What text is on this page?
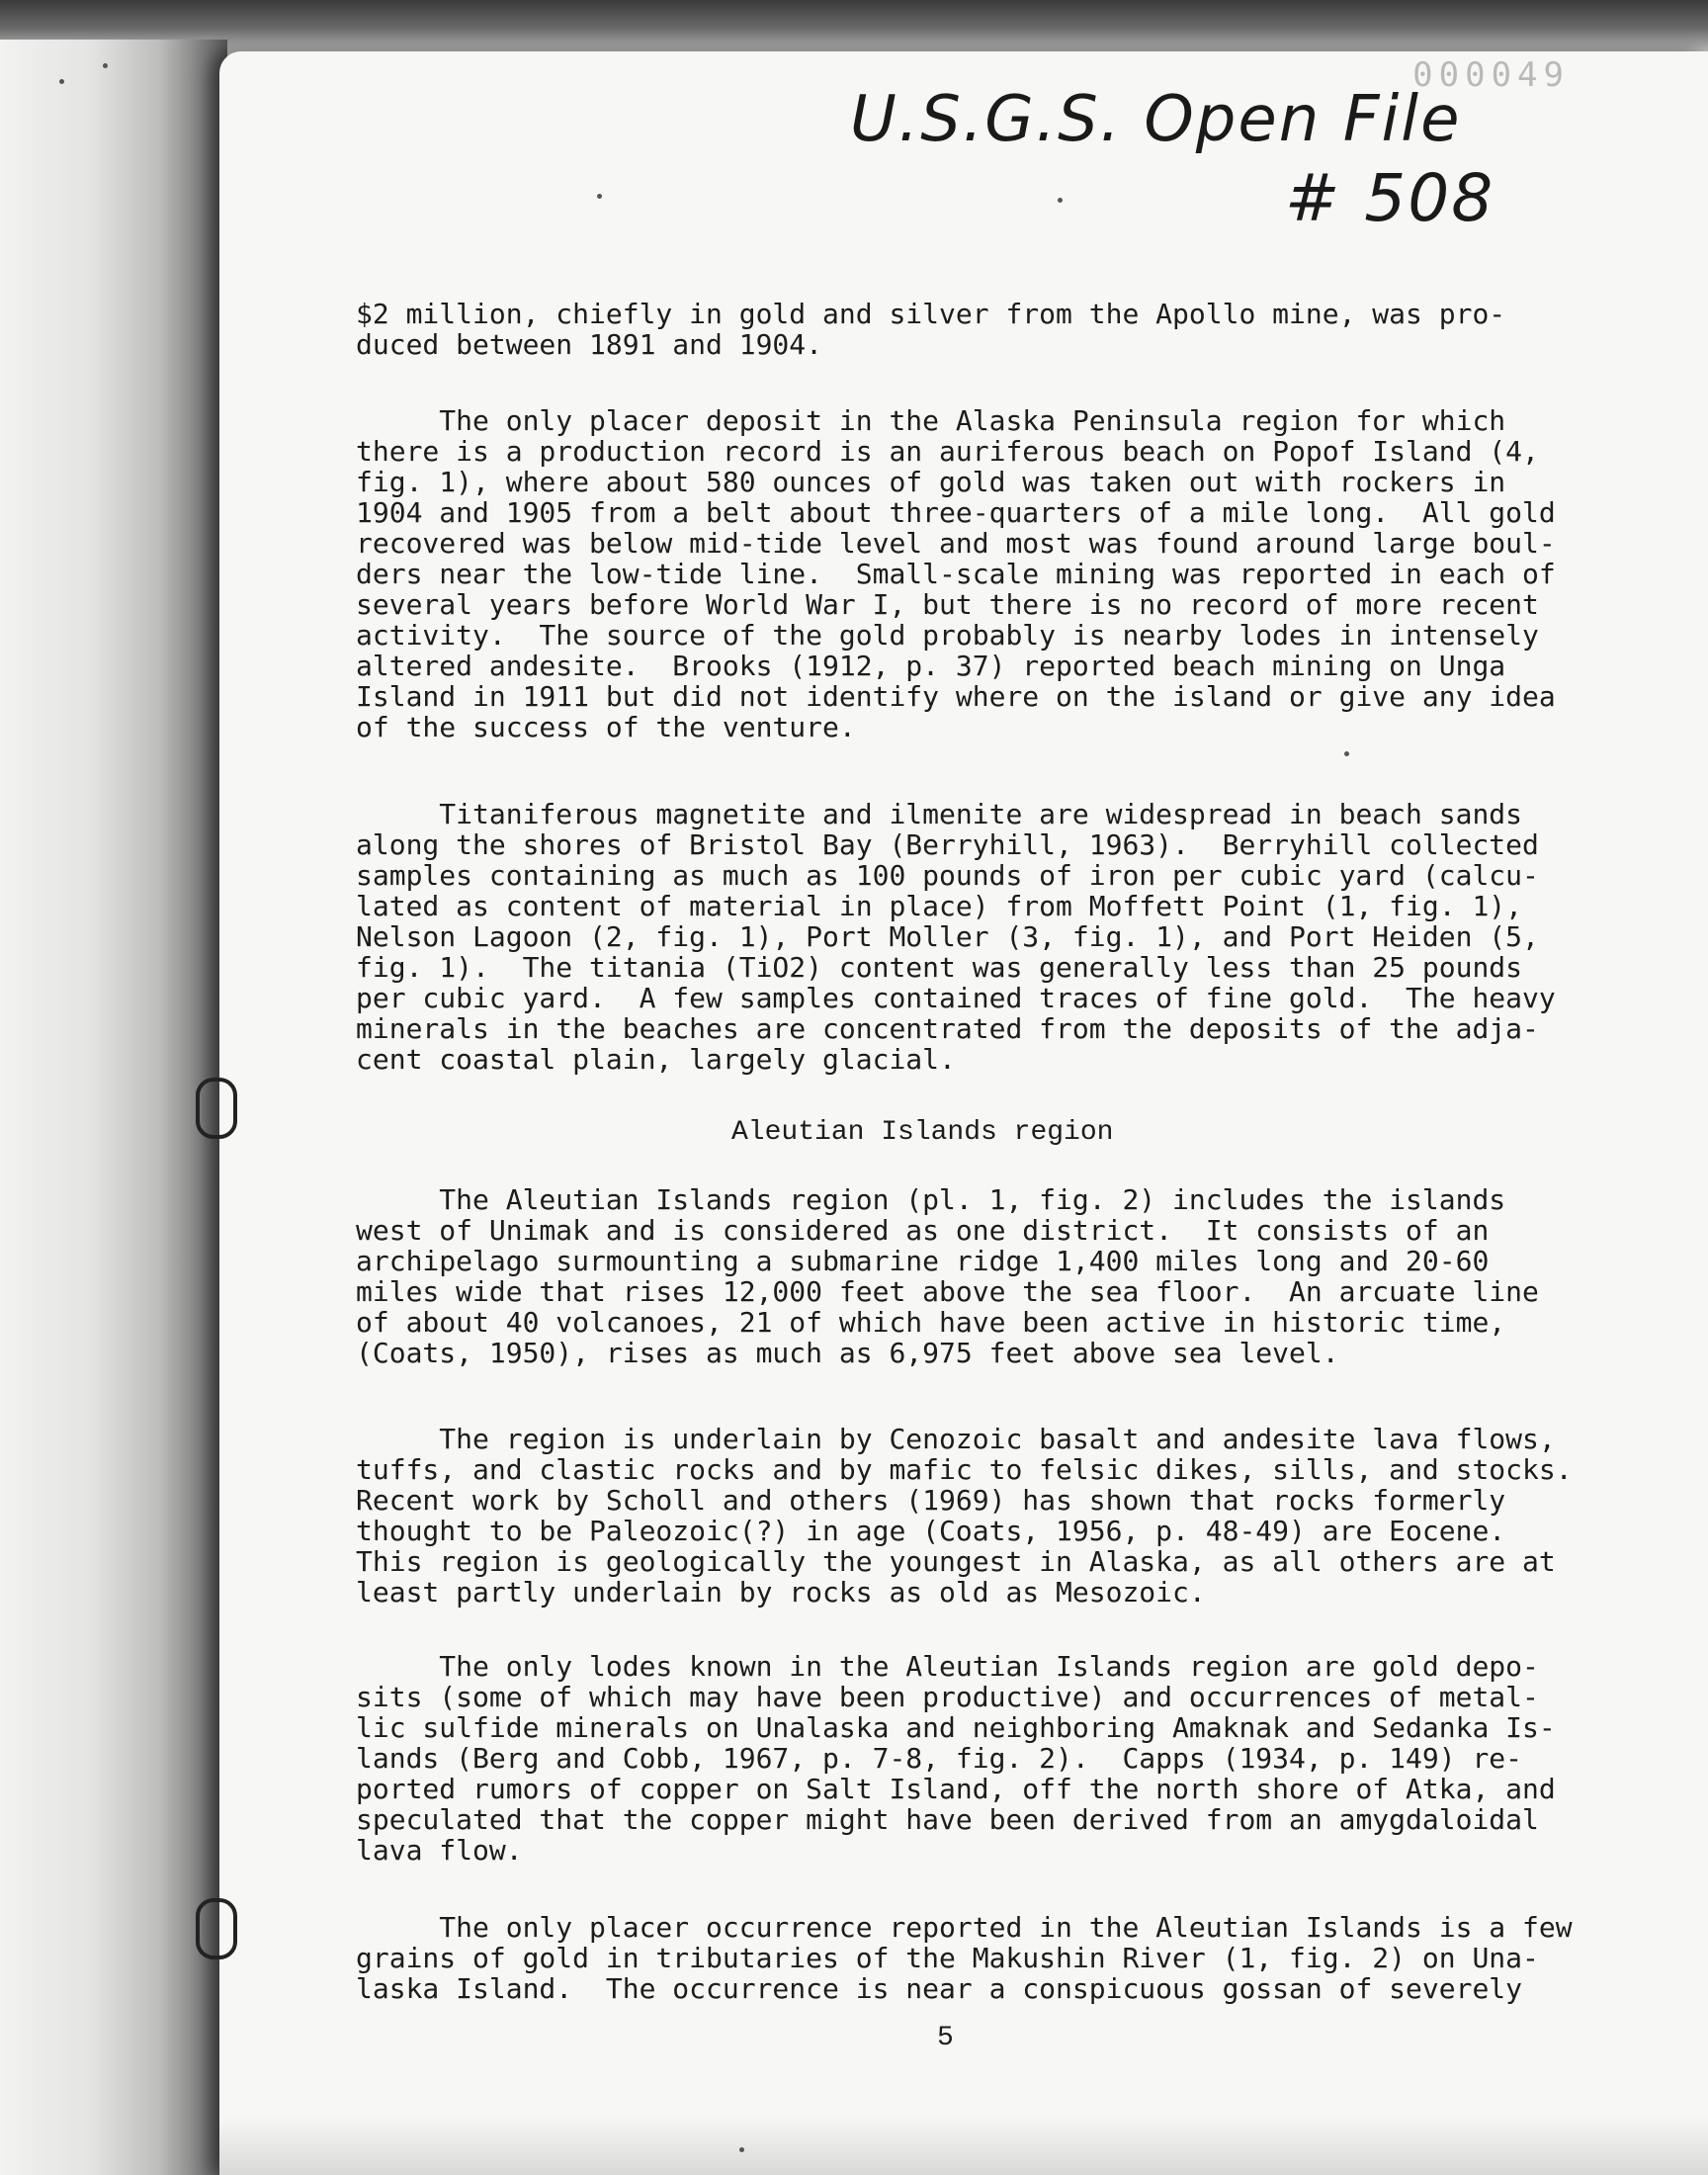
000049
U.S.G.S. Open File
# 508
$2 million, chiefly in gold and silver from the Apollo mine, was pro-
duced between 1891 and 1904.
The only placer deposit in the Alaska Peninsula region for which
there is a production record is an auriferous beach on Popof Island (4,
fig. 1), where about 580 ounces of gold was taken out with rockers in
1904 and 1905 from a belt about three-quarters of a mile long.  All gold
recovered was below mid-tide level and most was found around large boul-
ders near the low-tide line.  Small-scale mining was reported in each of
several years before World War I, but there is no record of more recent
activity.  The source of the gold probably is nearby lodes in intensely
altered andesite.  Brooks (1912, p. 37) reported beach mining on Unga
Island in 1911 but did not identify where on the island or give any idea
of the success of the venture.
Titaniferous magnetite and ilmenite are widespread in beach sands
along the shores of Bristol Bay (Berryhill, 1963).  Berryhill collected
samples containing as much as 100 pounds of iron per cubic yard (calcu-
lated as content of material in place) from Moffett Point (1, fig. 1),
Nelson Lagoon (2, fig. 1), Port Moller (3, fig. 1), and Port Heiden (5,
fig. 1).  The titania (TiO2) content was generally less than 25 pounds
per cubic yard.  A few samples contained traces of fine gold.  The heavy
minerals in the beaches are concentrated from the deposits of the adja-
cent coastal plain, largely glacial.
Aleutian Islands region
The Aleutian Islands region (pl. 1, fig. 2) includes the islands
west of Unimak and is considered as one district.  It consists of an
archipelago surmounting a submarine ridge 1,400 miles long and 20-60
miles wide that rises 12,000 feet above the sea floor.  An arcuate line
of about 40 volcanoes, 21 of which have been active in historic time,
(Coats, 1950), rises as much as 6,975 feet above sea level.
The region is underlain by Cenozoic basalt and andesite lava flows,
tuffs, and clastic rocks and by mafic to felsic dikes, sills, and stocks.
Recent work by Scholl and others (1969) has shown that rocks formerly
thought to be Paleozoic(?) in age (Coats, 1956, p. 48-49) are Eocene.
This region is geologically the youngest in Alaska, as all others are at
least partly underlain by rocks as old as Mesozoic.
The only lodes known in the Aleutian Islands region are gold depo-
sits (some of which may have been productive) and occurrences of metal-
lic sulfide minerals on Unalaska and neighboring Amaknak and Sedanka Is-
lands (Berg and Cobb, 1967, p. 7-8, fig. 2).  Capps (1934, p. 149) re-
ported rumors of copper on Salt Island, off the north shore of Atka, and
speculated that the copper might have been derived from an amygdaloidal
lava flow.
The only placer occurrence reported in the Aleutian Islands is a few
grains of gold in tributaries of the Makushin River (1, fig. 2) on Una-
laska Island.  The occurrence is near a conspicuous gossan of severely
5
